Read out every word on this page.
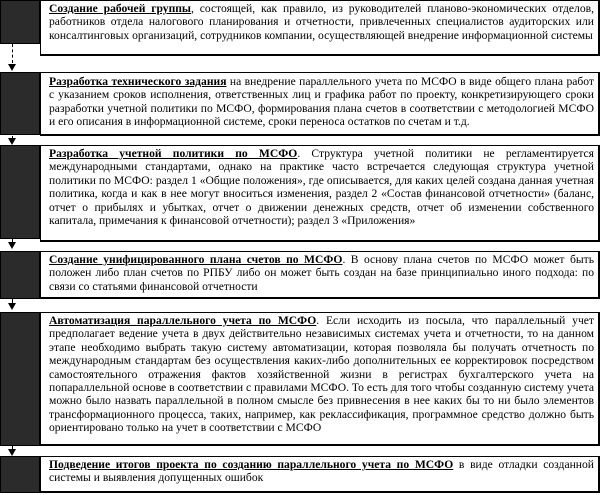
Создание рабочей группы, состоящей, как правило, из руководителей планово-экономических отделов, работников отдела налогового планирования и отчетности, привлеченных специалистов аудиторских или консалтинговых организаций, сотрудников компании, осуществляющей внедрение информационной системы
Разработка технического задания на внедрение параллельного учета по МСФО в виде общего плана работ с указанием сроков исполнения, ответственных лиц и графика работ по проекту, конкретизирующего сроки разработки учетной политики по МСФО, формирования плана счетов в соответствии с методологией МСФО и его описания в информационной системе, сроки переноса остатков по счетам и т.д.
Разработка учетной политики по МСФО. Структура учетной политики не регламентируется международными стандартами, однако на практике часто встречается следующая структура учетной политики по МСФО: раздел 1 «Общие положения», где описывается, для каких целей создана данная учетная политика, когда и как в нее могут вноситься изменения, раздел 2 «Состав финансовой отчетности» (баланс, отчет о прибылях и убытках, отчет о движении денежных средств, отчет об изменении собственного капитала, примечания к финансовой отчетности); раздел 3 «Приложения»
Создание унифицированного плана счетов по МСФО. В основу плана счетов по МСФО может быть положен либо план счетов по РПБУ либо он может быть создан на базе принципиально иного подхода: по связи со статьями финансовой отчетности
Автоматизация параллельного учета по МСФО. Если исходить из посыла, что параллельный учет предполагает ведение учета в двух действительно независимых системах учета и отчетности, то на данном этапе необходимо выбрать такую систему автоматизации, которая позволяла бы получать отчетность по международным стандартам без осуществления каких-либо дополнительных ее корректировок посредством самостоятельного отражения фактов хозяйственной жизни в регистрах бухгалтерского учета на попараллельной основе в соответствии с правилами МСФО. То есть для того чтобы созданную систему учета можно было назвать параллельной в полном смысле без привнесения в нее каких бы то ни было элементов трансформационного процесса, таких, например, как реклассификация, программное средство должно быть ориентировано только на учет в соответствии с МСФО
Подведение итогов проекта по созданию параллельного учета по МСФО в виде отладки созданной системы и выявления допущенных ошибок
